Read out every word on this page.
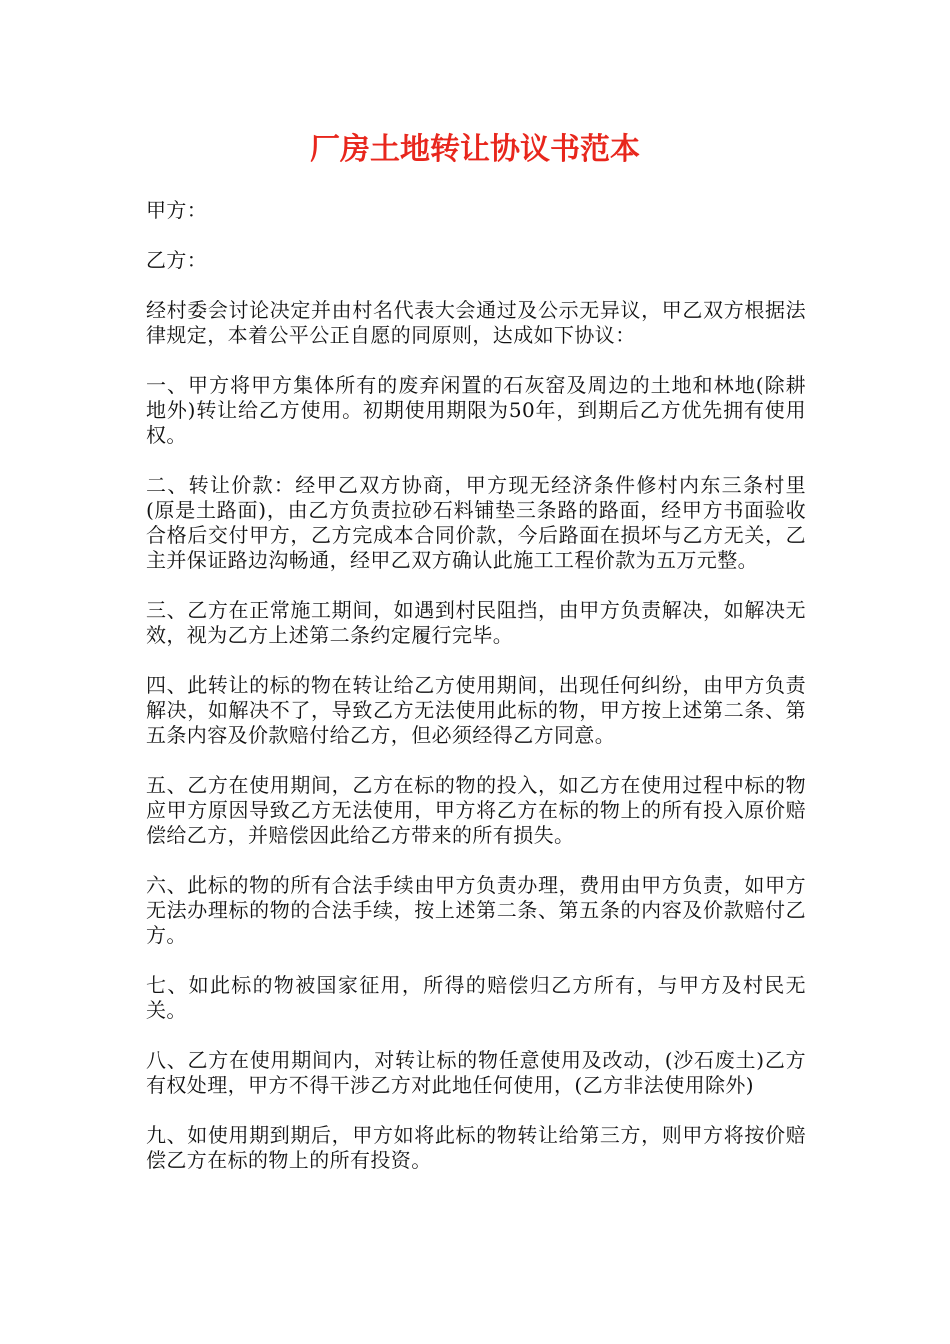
厂房土地转让协议书范本

甲方：

乙方：

经村委会讨论决定并由村名代表大会通过及公示无异议，甲乙双方根据法律规定，本着公平公正自愿的同原则，达成如下协议：

一、甲方将甲方集体所有的废弃闲置的石灰窑及周边的土地和林地(除耕地外)转让给乙方使用。初期使用期限为50年，到期后乙方优先拥有使用权。

二、转让价款：经甲乙双方协商，甲方现无经济条件修村内东三条村里(原是土路面)，由乙方负责拉砂石料铺垫三条路的路面，经甲方书面验收合格后交付甲方，乙方完成本合同价款，今后路面在损坏与乙方无关，乙主并保证路边沟畅通，经甲乙双方确认此施工工程价款为五万元整。

三、乙方在正常施工期间，如遇到村民阻挡，由甲方负责解决，如解决无效，视为乙方上述第二条约定履行完毕。

四、此转让的标的物在转让给乙方使用期间，出现任何纠纷，由甲方负责解决，如解决不了，导致乙方无法使用此标的物，甲方按上述第二条、第五条内容及价款赔付给乙方，但必须经得乙方同意。

五、乙方在使用期间，乙方在标的物的投入，如乙方在使用过程中标的物应甲方原因导致乙方无法使用，甲方将乙方在标的物上的所有投入原价赔偿给乙方，并赔偿因此给乙方带来的所有损失。

六、此标的物的所有合法手续由甲方负责办理，费用由甲方负责，如甲方无法办理标的物的合法手续，按上述第二条、第五条的内容及价款赔付乙方。

七、如此标的物被国家征用，所得的赔偿归乙方所有，与甲方及村民无关。

八、乙方在使用期间内，对转让标的物任意使用及改动，(沙石废土)乙方有权处理，甲方不得干涉乙方对此地任何使用，(乙方非法使用除外)

九、如使用期到期后，甲方如将此标的物转让给第三方，则甲方将按价赔偿乙方在标的物上的所有投资。
